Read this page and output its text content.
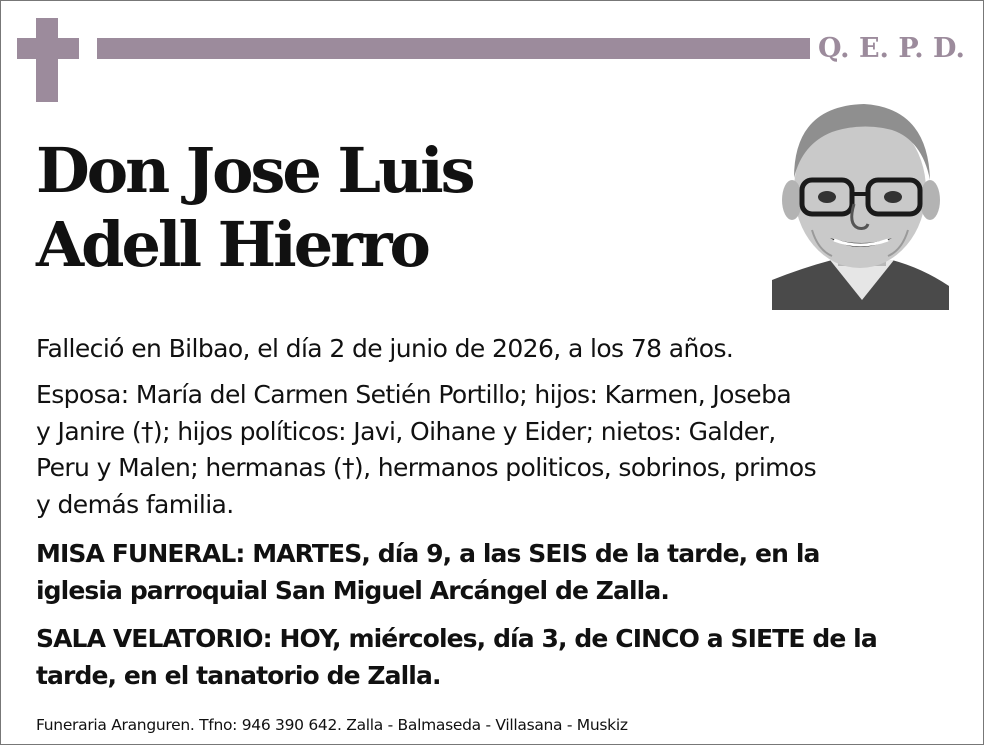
Q. E. P. D.
Don Jose Luis
Adell Hierro

Falleció en Bilbao, el día 2 de junio de 2026, a los 78 años.

Esposa: María del Carmen Setién Portillo; hijos: Karmen, Joseba
y Janire (†); hijos políticos: Javi, Oihane y Eider; nietos: Galder,
Peru y Malen; hermanas (†), hermanos politicos, sobrinos, primos
y demás familia.

MISA FUNERAL: MARTES, día 9, a las SEIS de la tarde, en la
iglesia parroquial San Miguel Arcángel de Zalla.

SALA VELATORIO: HOY, miércoles, día 3, de CINCO a SIETE de la
tarde, en el tanatorio de Zalla.

Funeraria Aranguren. Tfno: 946 390 642. Zalla - Balmaseda - Villasana - Muskiz
